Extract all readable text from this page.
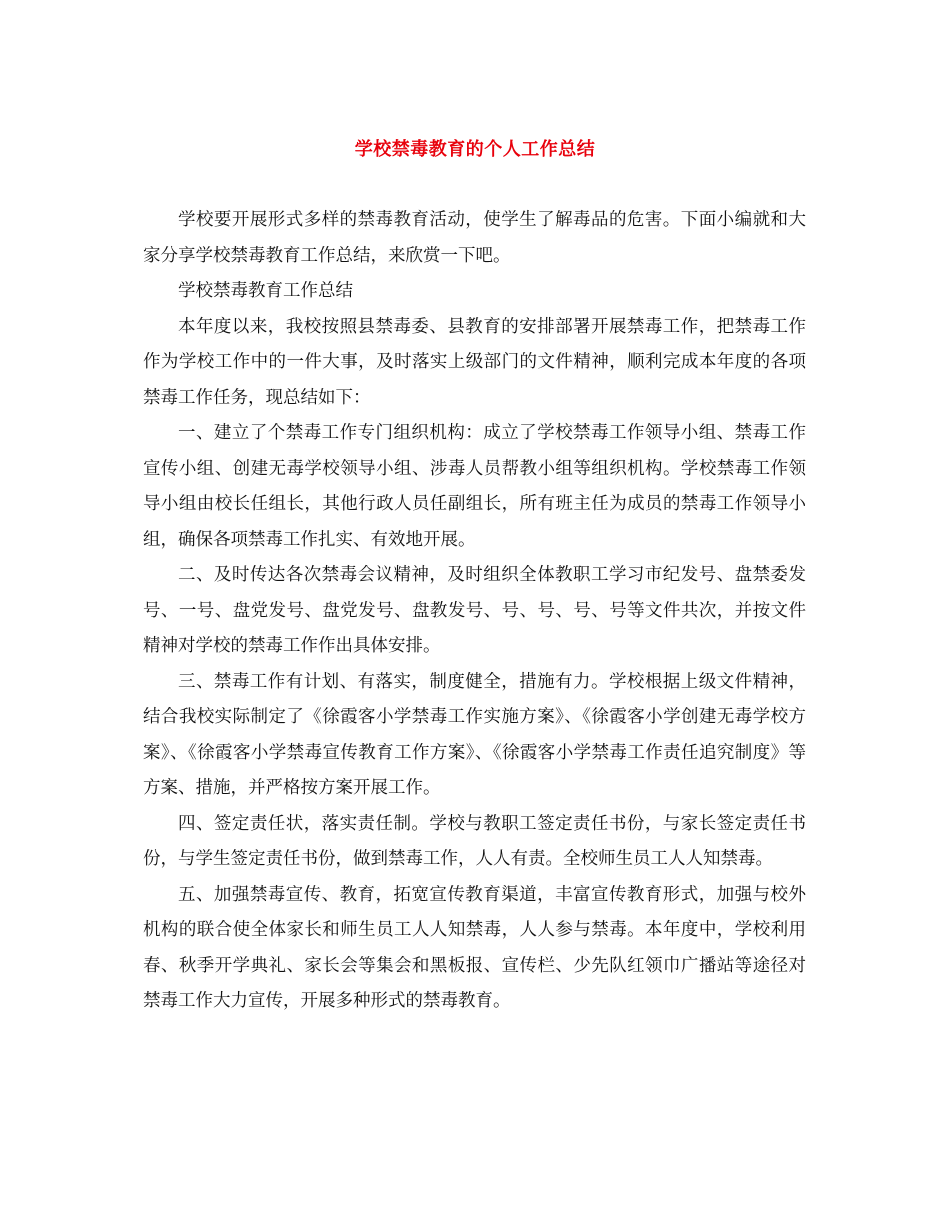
学校禁毒教育的个人工作总结

学校要开展形式多样的禁毒教育活动，使学生了解毒品的危害。下面小编就和大家分享学校禁毒教育工作总结，来欣赏一下吧。

学校禁毒教育工作总结

本年度以来，我校按照县禁毒委、县教育的安排部署开展禁毒工作，把禁毒工作作为学校工作中的一件大事，及时落实上级部门的文件精神，顺利完成本年度的各项禁毒工作任务，现总结如下：

一、建立了个禁毒工作专门组织机构：成立了学校禁毒工作领导小组、禁毒工作宣传小组、创建无毒学校领导小组、涉毒人员帮教小组等组织机构。学校禁毒工作领导小组由校长任组长，其他行政人员任副组长，所有班主任为成员的禁毒工作领导小组，确保各项禁毒工作扎实、有效地开展。

二、及时传达各次禁毒会议精神，及时组织全体教职工学习市纪发号、盘禁委发号、一号、盘党发号、盘党发号、盘教发号、号、号、号、号等文件共次，并按文件精神对学校的禁毒工作作出具体安排。

三、禁毒工作有计划、有落实，制度健全，措施有力。学校根据上级文件精神，结合我校实际制定了《徐霞客小学禁毒工作实施方案》、《徐霞客小学创建无毒学校方案》、《徐霞客小学禁毒宣传教育工作方案》、《徐霞客小学禁毒工作责任追究制度》等方案、措施，并严格按方案开展工作。

四、签定责任状，落实责任制。学校与教职工签定责任书份，与家长签定责任书份，与学生签定责任书份，做到禁毒工作，人人有责。全校师生员工人人知禁毒。

五、加强禁毒宣传、教育，拓宽宣传教育渠道，丰富宣传教育形式，加强与校外机构的联合使全体家长和师生员工人人知禁毒，人人参与禁毒。本年度中，学校利用春、秋季开学典礼、家长会等集会和黑板报、宣传栏、少先队红领巾广播站等途径对禁毒工作大力宣传，开展多种形式的禁毒教育。
